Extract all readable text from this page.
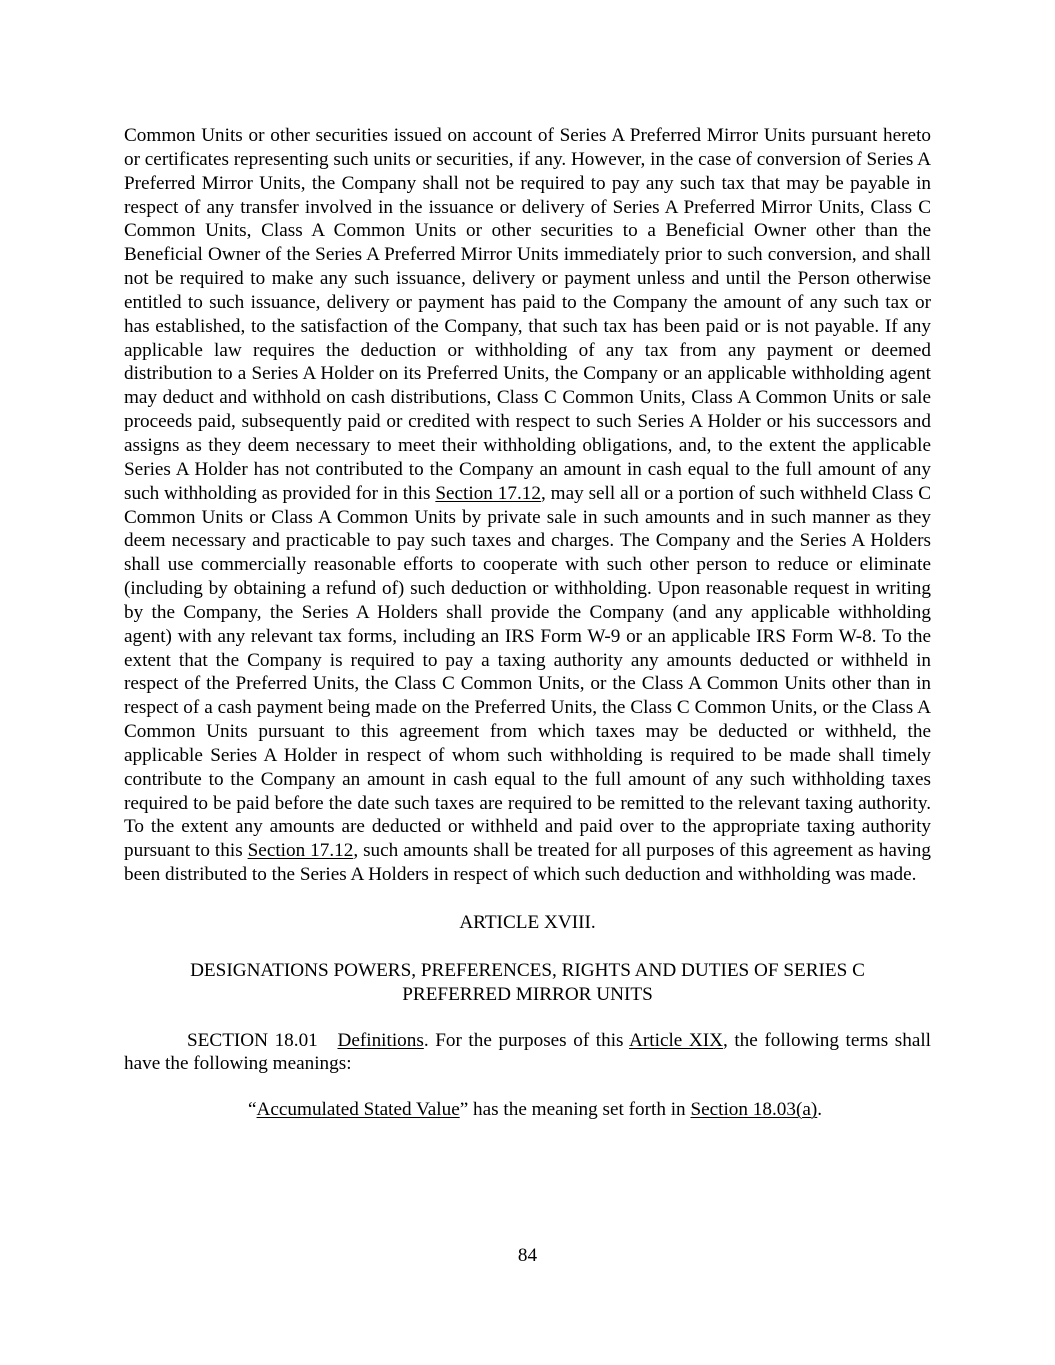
Common Units or other securities issued on account of Series A Preferred Mirror Units pursuant hereto or certificates representing such units or securities, if any. However, in the case of conversion of Series A Preferred Mirror Units, the Company shall not be required to pay any such tax that may be payable in respect of any transfer involved in the issuance or delivery of Series A Preferred Mirror Units, Class C Common Units, Class A Common Units or other securities to a Beneficial Owner other than the Beneficial Owner of the Series A Preferred Mirror Units immediately prior to such conversion, and shall not be required to make any such issuance, delivery or payment unless and until the Person otherwise entitled to such issuance, delivery or payment has paid to the Company the amount of any such tax or has established, to the satisfaction of the Company, that such tax has been paid or is not payable. If any applicable law requires the deduction or withholding of any tax from any payment or deemed distribution to a Series A Holder on its Preferred Units, the Company or an applicable withholding agent may deduct and withhold on cash distributions, Class C Common Units, Class A Common Units or sale proceeds paid, subsequently paid or credited with respect to such Series A Holder or his successors and assigns as they deem necessary to meet their withholding obligations, and, to the extent the applicable Series A Holder has not contributed to the Company an amount in cash equal to the full amount of any such withholding as provided for in this Section 17.12, may sell all or a portion of such withheld Class C Common Units or Class A Common Units by private sale in such amounts and in such manner as they deem necessary and practicable to pay such taxes and charges. The Company and the Series A Holders shall use commercially reasonable efforts to cooperate with such other person to reduce or eliminate (including by obtaining a refund of) such deduction or withholding. Upon reasonable request in writing by the Company, the Series A Holders shall provide the Company (and any applicable withholding agent) with any relevant tax forms, including an IRS Form W-9 or an applicable IRS Form W-8. To the extent that the Company is required to pay a taxing authority any amounts deducted or withheld in respect of the Preferred Units, the Class C Common Units, or the Class A Common Units other than in respect of a cash payment being made on the Preferred Units, the Class C Common Units, or the Class A Common Units pursuant to this agreement from which taxes may be deducted or withheld, the applicable Series A Holder in respect of whom such withholding is required to be made shall timely contribute to the Company an amount in cash equal to the full amount of any such withholding taxes required to be paid before the date such taxes are required to be remitted to the relevant taxing authority. To the extent any amounts are deducted or withheld and paid over to the appropriate taxing authority pursuant to this Section 17.12, such amounts shall be treated for all purposes of this agreement as having been distributed to the Series A Holders in respect of which such deduction and withholding was made.

ARTICLE XVIII.
DESIGNATIONS POWERS, PREFERENCES, RIGHTS AND DUTIES OF SERIES C
PREFERRED MIRROR UNITS

SECTION 18.01 Definitions. For the purposes of this Article XIX, the following terms shall have the following meanings:

“Accumulated Stated Value” has the meaning set forth in Section 18.03(a).

84
